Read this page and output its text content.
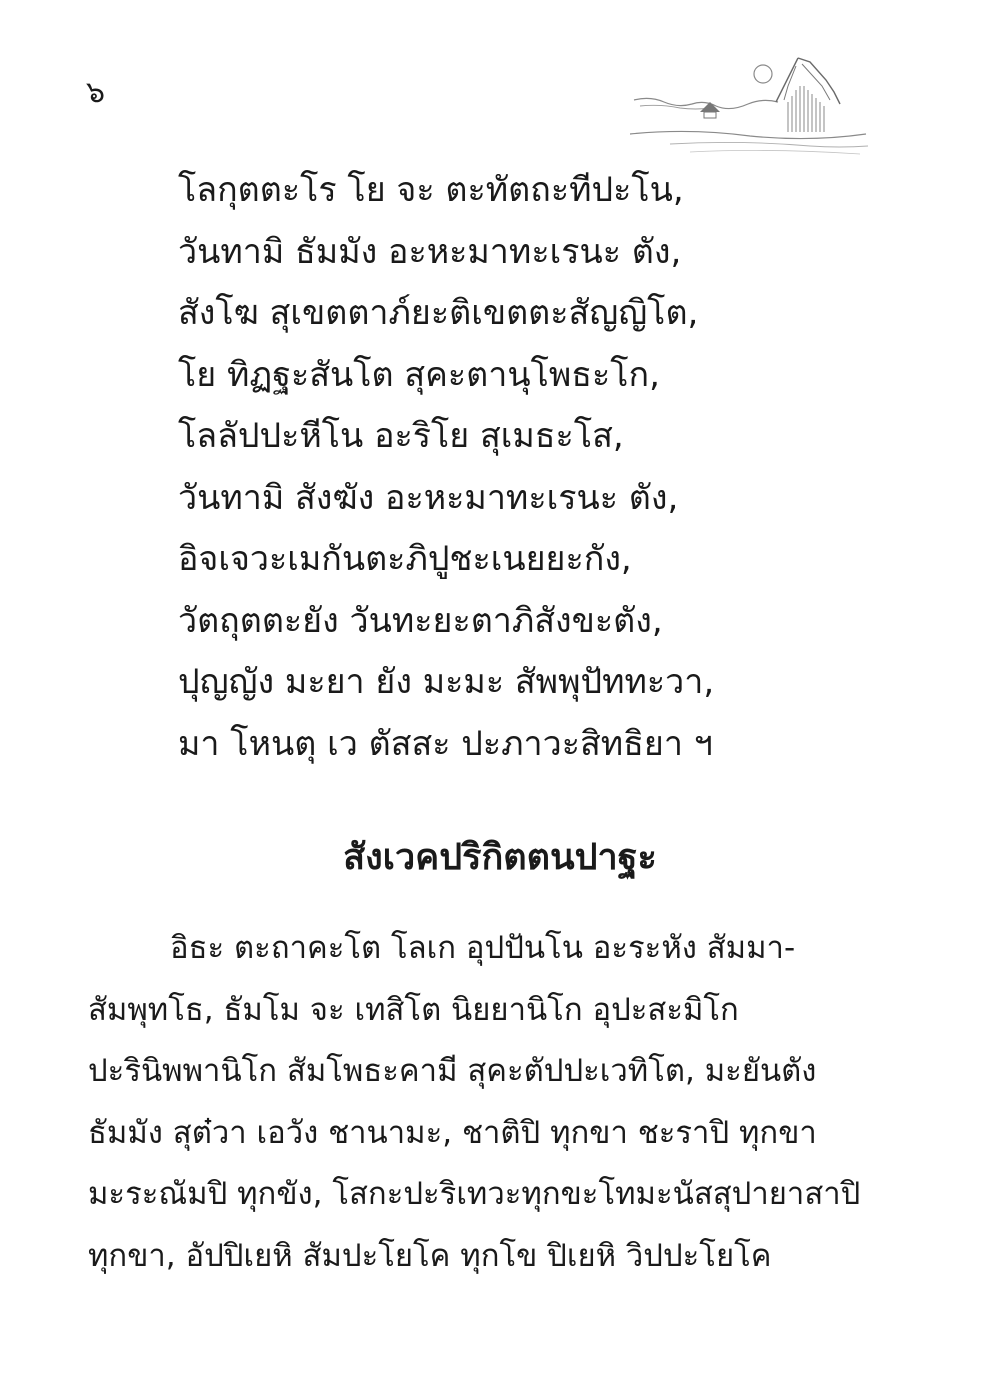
๖
โลกุตตะโร โย จะ ตะทัตถะทีปะโน,
วันทามิ ธัมมัง อะหะมาทะเรนะ ตัง,
สังโฆ สุเขตตาภ์ยะติเขตตะสัญญิโต,
โย ทิฏฐะสันโต สุคะตานุโพธะโก,
โลลัปปะหีโน อะริโย สุเมธะโส,
วันทามิ สังฆัง อะหะมาทะเรนะ ตัง,
อิจเจวะเมกันตะภิปูชะเนยยะกัง,
วัตถุตตะยัง วันทะยะตาภิสังขะตัง,
ปุญญัง มะยา ยัง มะมะ สัพพุปัททะวา,
มา โหนตุ เว ตัสสะ ปะภาวะสิทธิยา ฯ
สังเวคปริกิตตนปาฐะ
อิธะ ตะถาคะโต โลเก อุปปันโน อะระหัง สัมมา-
สัมพุทโธ, ธัมโม จะ เทสิโต นิยยานิโก อุปะสะมิโก
ปะรินิพพานิโก สัมโพธะคามี สุคะตัปปะเวทิโต, มะยันตัง
ธัมมัง สุต๋วา เอวัง ชานามะ, ชาติปิ ทุกขา ชะราปิ ทุกขา
มะระณัมปิ ทุกขัง, โสกะปะริเทวะทุกขะโทมะนัสสุปายาสาปิ
ทุกขา, อัปปิเยหิ สัมปะโยโค ทุกโข ปิเยหิ วิปปะโยโค
